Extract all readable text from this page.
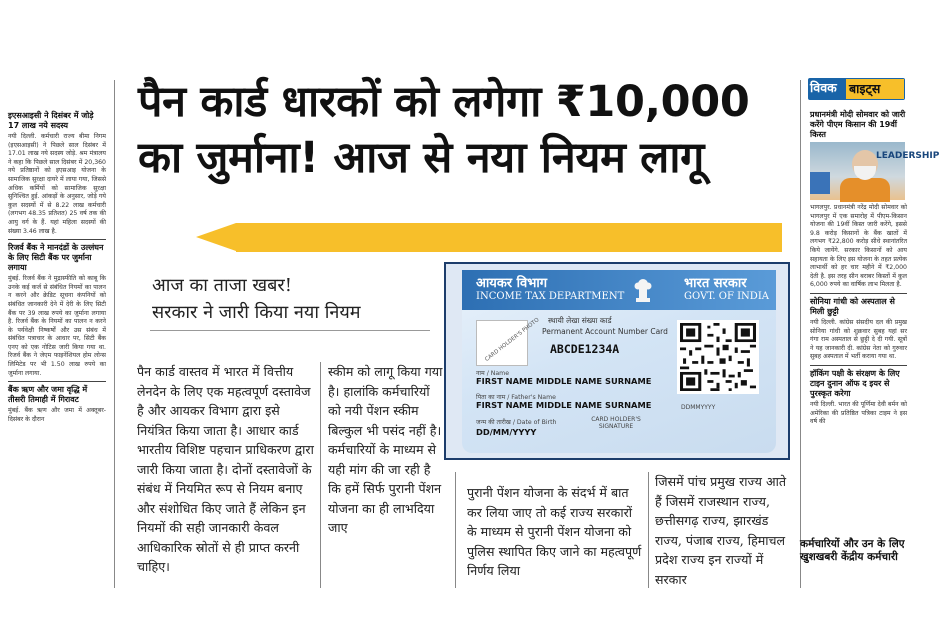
इएसआइसी ने दिसंबर में जोड़े 17 लाख नये सदस्य
नयी दिल्ली. कर्मचारी राज्य बीमा निगम (इएसआइसी) ने पिछले साल दिसंबर में 17.01 लाख नये सदस्य जोड़े. श्रम मंत्रालय ने कहा कि पिछले साल दिसंबर में 20,360 नये प्रतिष्ठानों को इएसआइ योजना के सामाजिक सुरक्षा दायरे में लाया गया, जिससे अधिक कर्मियों को सामाजिक सुरक्षा सुनिश्चित हुई. आंकड़ों के अनुसार, जोड़े गये कुल सदस्यों में से 8.22 लाख कर्मचारी (लगभग 48.35 प्रतिशत) 25 वर्ष तक की आयु वर्ग के हैं. यहां महिला सदस्यों की संख्या 3.46 लाख है.
रिजर्व बैंक ने मानदंडों के उल्लंघन के लिए सिटी बैंक पर जुर्माना लगाया
मुंबई. रिजर्व बैंक ने मुद्रास्फीति को काबू कि उनके कई कर्ज से संबंधित नियमों का पालन न करने और क्रेडिट सूचना कंपनियों को संबंधित जानकारी देने में देरी के लिए सिटी बैंक पर 39 लाख रुपये का जुर्माना लगाया है. रिजर्व बैंक के नियमों का पालन न करने के पर्यवेक्षी निष्कर्षों और उस संबंध में संबंधित पत्राचार के आधार पर, सिटी बैंक एनए को एक नोटिस जारी किया गया था. रिजर्व बैंक ने जेएम फाइनेंशियल होम लोन्स लिमिटेड पर भी 1.50 लाख रुपये का जुर्माना लगाया.
बैंक ऋण और जमा वृद्धि में तीसरी तिमाही में गिरावट
मुंबई. बैंक ऋण और जमा में अक्तूबर-दिसंबर के दौरान
पैन कार्ड धारकों को लगेगा ₹10,000
का जुर्माना! आज से नया नियम लागू
आज का ताजा खबर!
सरकार ने जारी किया नया नियम
पैन कार्ड वास्तव में भारत में वित्तीय लेनदेन के लिए एक महत्वपूर्ण दस्तावेज है और आयकर विभाग द्वारा इसे नियंत्रित किया जाता है। आधार कार्ड भारतीय विशिष्ट पहचान प्राधिकरण द्वारा जारी किया जाता है। दोनों दस्तावेजों के संबंध में नियमित रूप से नियम बनाए और संशोधित किए जाते हैं लेकिन इन नियमों की सही जानकारी केवल आधिकारिक स्रोतों से ही प्राप्त करनी चाहिए।
स्कीम को लागू किया गया है। हालांकि कर्मचारियों को नयी पेंशन स्कीम बिल्कुल भी पसंद नहीं है। कर्मचारियों के माध्यम से यही मांग की जा रही है कि हमें सिर्फ पुरानी पेंशन योजना का ही लाभदिया जाए
पुरानी पेंशन योजना के संदर्भ में बात कर लिया जाए तो कई राज्य सरकारों के माध्यम से पुरानी पेंशन योजना को पुलिस स्थापित किए जाने का महत्वपूर्ण निर्णय लिया
जिसमें पांच प्रमुख राज्य आते हैं जिसमें राजस्थान राज्य, छत्तीसगढ़ राज्य, झारखंड राज्य, पंजाब राज्य, हिमाचल प्रदेश राज्य इन राज्यों में सरकार
आयकर विभाग
INCOME TAX DEPARTMENT
भारत सरकार
GOVT. OF INDIA
स्थायी लेखा संख्या कार्ड
Permanent Account Number Card
ABCDE1234A
CARD HOLDER'S PHOTO
DDMMYYYY
नाम / Name
FIRST NAME MIDDLE NAME SURNAME
पिता का नाम / Father's Name
FIRST NAME MIDDLE NAME SURNAME
जन्म की तारीख / Date of Birth
DD/MM/YYYY
CARD HOLDER'S SIGNATURE
विवक बाइट्स
प्रधानमंत्री मोदी सोमवार को जारी करेंगे पीएम किसान की 19वीं किस्त
LEADERSHIP
भागलपुर. प्रधानमंत्री नरेंद्र मोदी सोमवार को भागलपुर में एक समारोह में पीएम-किसान योजना की 19वीं किस्त जारी करेंगे, इससे 9.8 करोड़ किसानों के बैंक खातों में लगभग ₹22,800 करोड़ सीधे स्थानांतरित किये जायेंगे. सरकार किसानों को आय सहायता के लिए इस योजना के तहत प्रत्येक लाभार्थी को हर चार महीने में ₹2,000 देती है. इस तरह सीन बराबर किस्तों में कुल 6,000 रुपये का वार्षिक लाभ मिलता है.
सोनिया गांधी को अस्पताल से मिली छुट्टी
नयी दिल्ली. कांग्रेस संसदीय दल की प्रमुख सोनिया गांधी को शुक्रवार सुबह यहां सर गंगा राम अस्पताल से छुट्टी दे दी गयी. सूत्रों ने यह जानकारी दी. कांग्रेस नेता को गुरुवार सुबह अस्पताल में भर्ती कराया गया था.
हॉकिंग पक्षी के संरक्षण के लिए टाइन दुनान ऑफ द इयर से पुरस्कृत करेगा
नयी दिल्ली. भारत की पूर्णिमा देवी बर्मन को अमेरिका की प्रतिष्ठित पत्रिका टाइम ने इस वर्ष की
कर्मचारियों और उन के लिए खुशखबरी केंद्रीय कर्मचारी
